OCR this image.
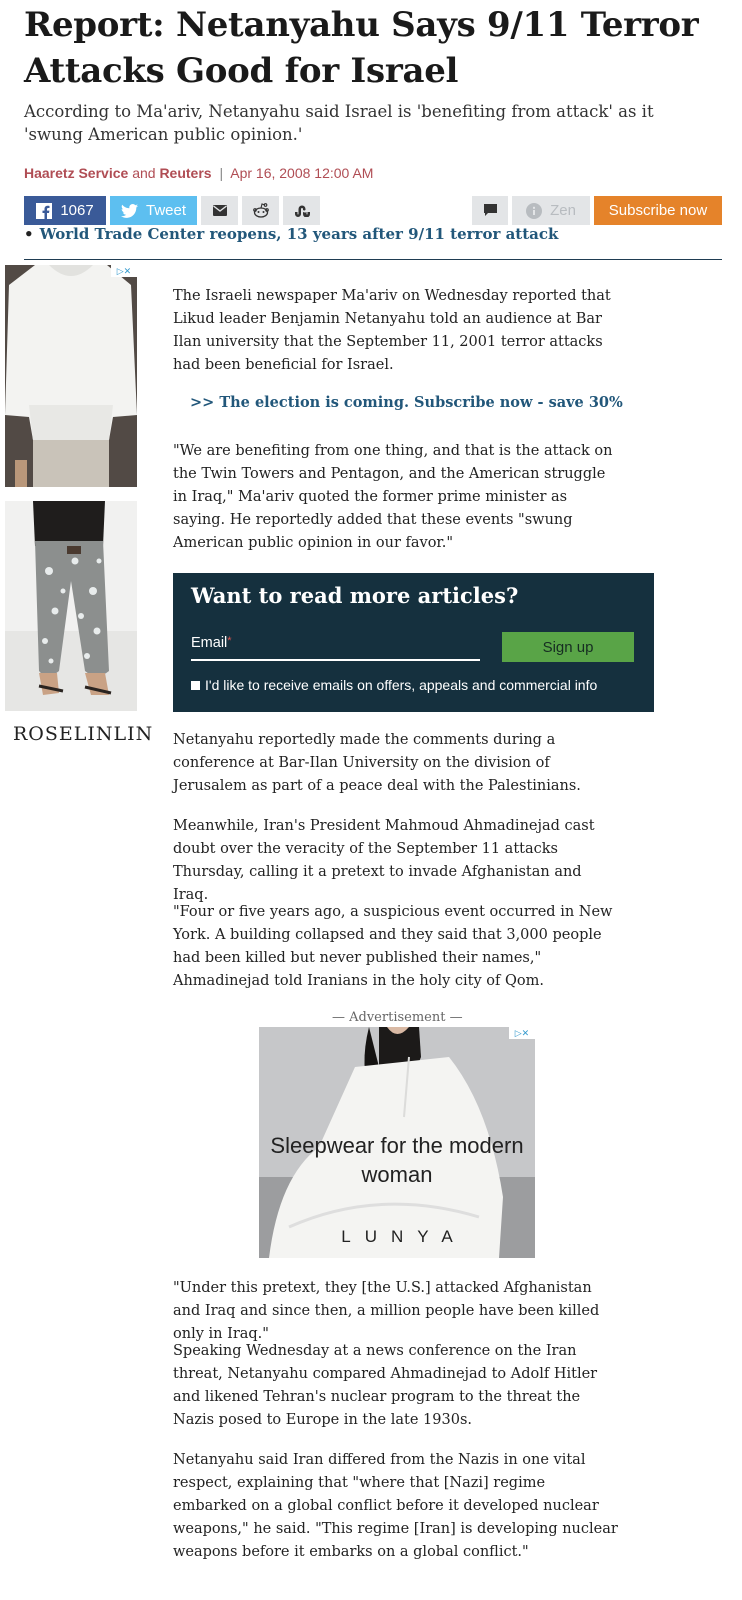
Report: Netanyahu Says 9/11 Terror Attacks Good for Israel

According to Ma'ariv, Netanyahu said Israel is 'benefiting from attack' as it 'swung American public opinion.'

Haaretz Service and Reuters | Apr 16, 2008 12:00 AM
1067	Tweet	Zen	Subscribe now
• World Trade Center reopens, 13 years after 9/11 terror attack
▷✕
ROSELINLIN

The Israeli newspaper Ma'ariv on Wednesday reported that Likud leader Benjamin Netanyahu told an audience at Bar Ilan university that the September 11, 2001 terror attacks had been beneficial for Israel.

>> The election is coming. Subscribe now - save 30%

"We are benefiting from one thing, and that is the attack on the Twin Towers and Pentagon, and the American struggle in Iraq," Ma'ariv quoted the former prime minister as saying. He reportedly added that these events "swung American public opinion in our favor."

Want to read more articles?
Email*	Sign up
I'd like to receive emails on offers, appeals and commercial info

Netanyahu reportedly made the comments during a conference at Bar-Ilan University on the division of Jerusalem as part of a peace deal with the Palestinians.

Meanwhile, Iran's President Mahmoud Ahmadinejad cast doubt over the veracity of the September 11 attacks Thursday, calling it a pretext to invade Afghanistan and Iraq.

"Four or five years ago, a suspicious event occurred in New York. A building collapsed and they said that 3,000 people had been killed but never published their names," Ahmadinejad told Iranians in the holy city of Qom.

— Advertisement —
Sleepwear for the modern woman
LUNYA
▷✕

"Under this pretext, they [the U.S.] attacked Afghanistan and Iraq and since then, a million people have been killed only in Iraq."

Speaking Wednesday at a news conference on the Iran threat, Netanyahu compared Ahmadinejad to Adolf Hitler and likened Tehran's nuclear program to the threat the Nazis posed to Europe in the late 1930s.

Netanyahu said Iran differed from the Nazis in one vital respect, explaining that "where that [Nazi] regime embarked on a global conflict before it developed nuclear weapons," he said. "This regime [Iran] is developing nuclear weapons before it embarks on a global conflict."
